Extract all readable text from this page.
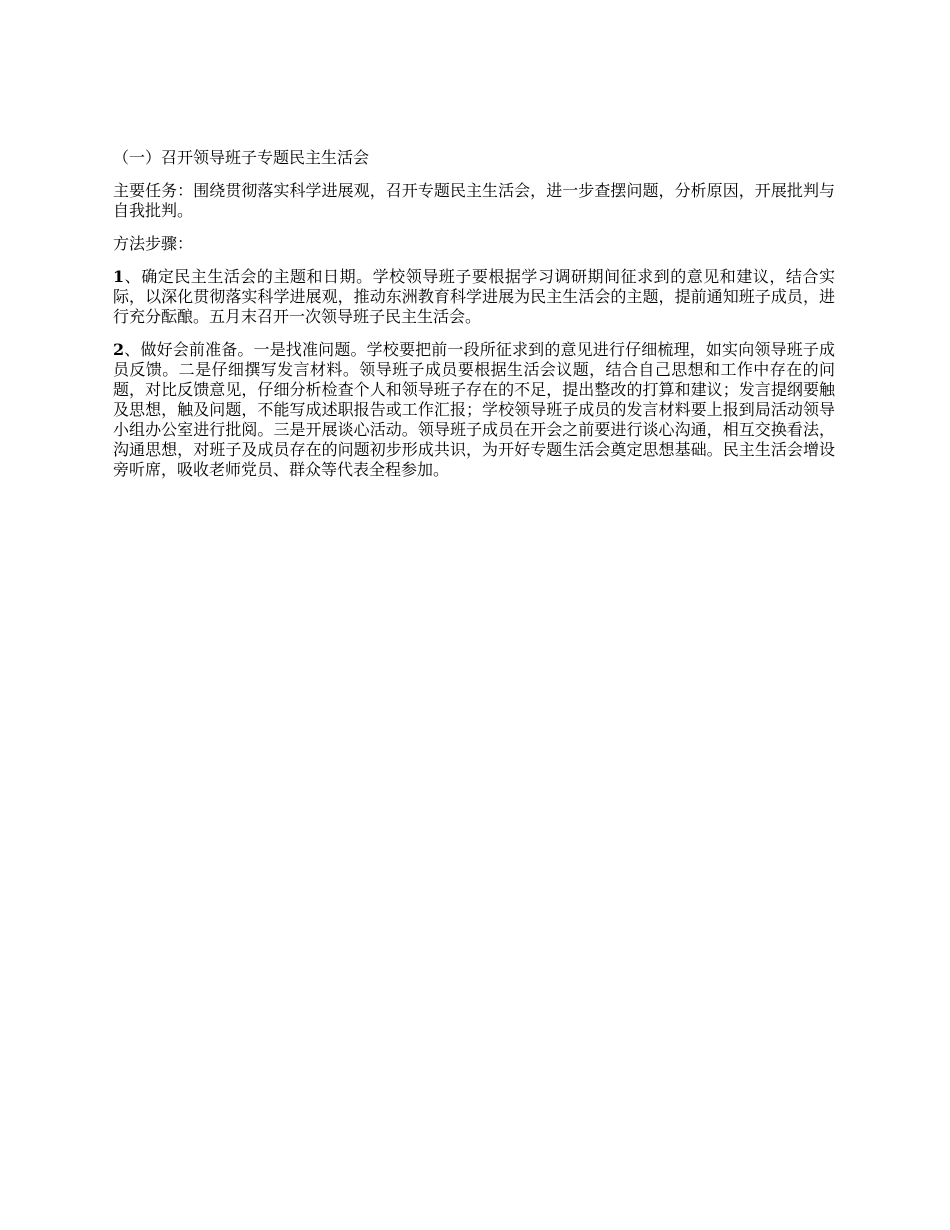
（一）召开领导班子专题民主生活会

主要任务：围绕贯彻落实科学进展观，召开专题民主生活会，进一步查摆问题，分析原因，开展批判与自我批判。

方法步骤：

1、确定民主生活会的主题和日期。学校领导班子要根据学习调研期间征求到的意见和建议，结合实际，以深化贯彻落实科学进展观，推动东洲教育科学进展为民主生活会的主题，提前通知班子成员，进行充分酝酿。五月末召开一次领导班子民主生活会。

2、做好会前准备。一是找准问题。学校要把前一段所征求到的意见进行仔细梳理，如实向领导班子成员反馈。二是仔细撰写发言材料。领导班子成员要根据生活会议题，结合自己思想和工作中存在的问题，对比反馈意见，仔细分析检查个人和领导班子存在的不足，提出整改的打算和建议；发言提纲要触及思想，触及问题，不能写成述职报告或工作汇报；学校领导班子成员的发言材料要上报到局活动领导小组办公室进行批阅。三是开展谈心活动。领导班子成员在开会之前要进行谈心沟通，相互交换看法，沟通思想，对班子及成员存在的问题初步形成共识，为开好专题生活会奠定思想基础。民主生活会增设旁听席，吸收老师党员、群众等代表全程参加。
